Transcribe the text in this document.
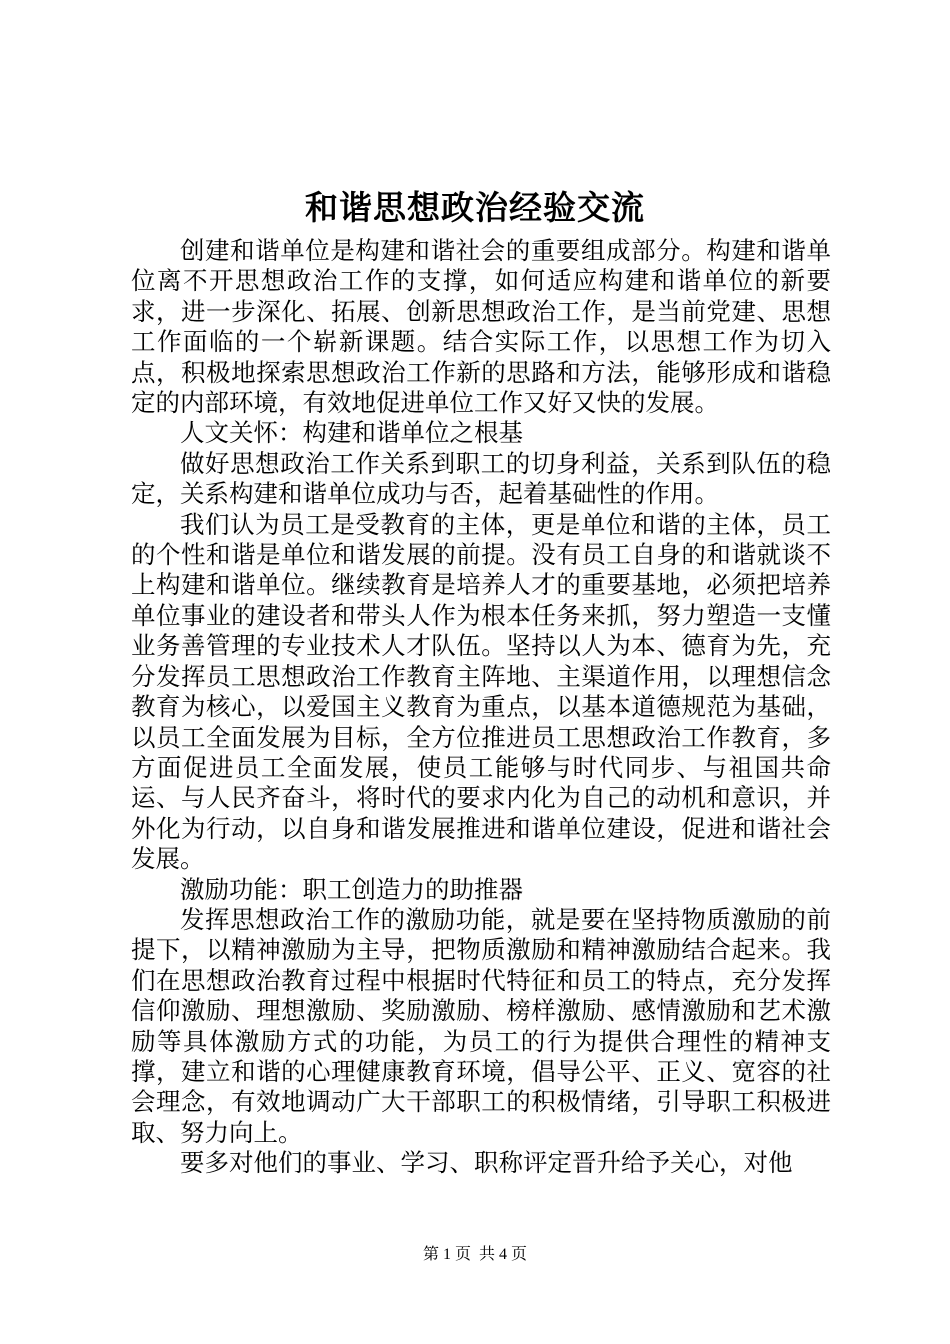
和谐思想政治经验交流

创建和谐单位是构建和谐社会的重要组成部分。构建和谐单位离不开思想政治工作的支撑，如何适应构建和谐单位的新要求，进一步深化、拓展、创新思想政治工作，是当前党建、思想工作面临的一个崭新课题。结合实际工作，以思想工作为切入点，积极地探索思想政治工作新的思路和方法，能够形成和谐稳定的内部环境，有效地促进单位工作又好又快的发展。

人文关怀：构建和谐单位之根基

做好思想政治工作关系到职工的切身利益，关系到队伍的稳定，关系构建和谐单位成功与否，起着基础性的作用。

我们认为员工是受教育的主体，更是单位和谐的主体，员工的个性和谐是单位和谐发展的前提。没有员工自身的和谐就谈不上构建和谐单位。继续教育是培养人才的重要基地，必须把培养单位事业的建设者和带头人作为根本任务来抓，努力塑造一支懂业务善管理的专业技术人才队伍。坚持以人为本、德育为先，充分发挥员工思想政治工作教育主阵地、主渠道作用，以理想信念教育为核心，以爱国主义教育为重点，以基本道德规范为基础，以员工全面发展为目标，全方位推进员工思想政治工作教育，多方面促进员工全面发展，使员工能够与时代同步、与祖国共命运、与人民齐奋斗，将时代的要求内化为自己的动机和意识，并外化为行动，以自身和谐发展推进和谐单位建设，促进和谐社会发展。

激励功能：职工创造力的助推器

发挥思想政治工作的激励功能，就是要在坚持物质激励的前提下，以精神激励为主导，把物质激励和精神激励结合起来。我们在思想政治教育过程中根据时代特征和员工的特点，充分发挥信仰激励、理想激励、奖励激励、榜样激励、感情激励和艺术激励等具体激励方式的功能，为员工的行为提供合理性的精神支撑，建立和谐的心理健康教育环境，倡导公平、正义、宽容的社会理念，有效地调动广大干部职工的积极情绪，引导职工积极进取、努力向上。

要多对他们的事业、学习、职称评定晋升给予关心，对他

第 1 页  共 4 页
